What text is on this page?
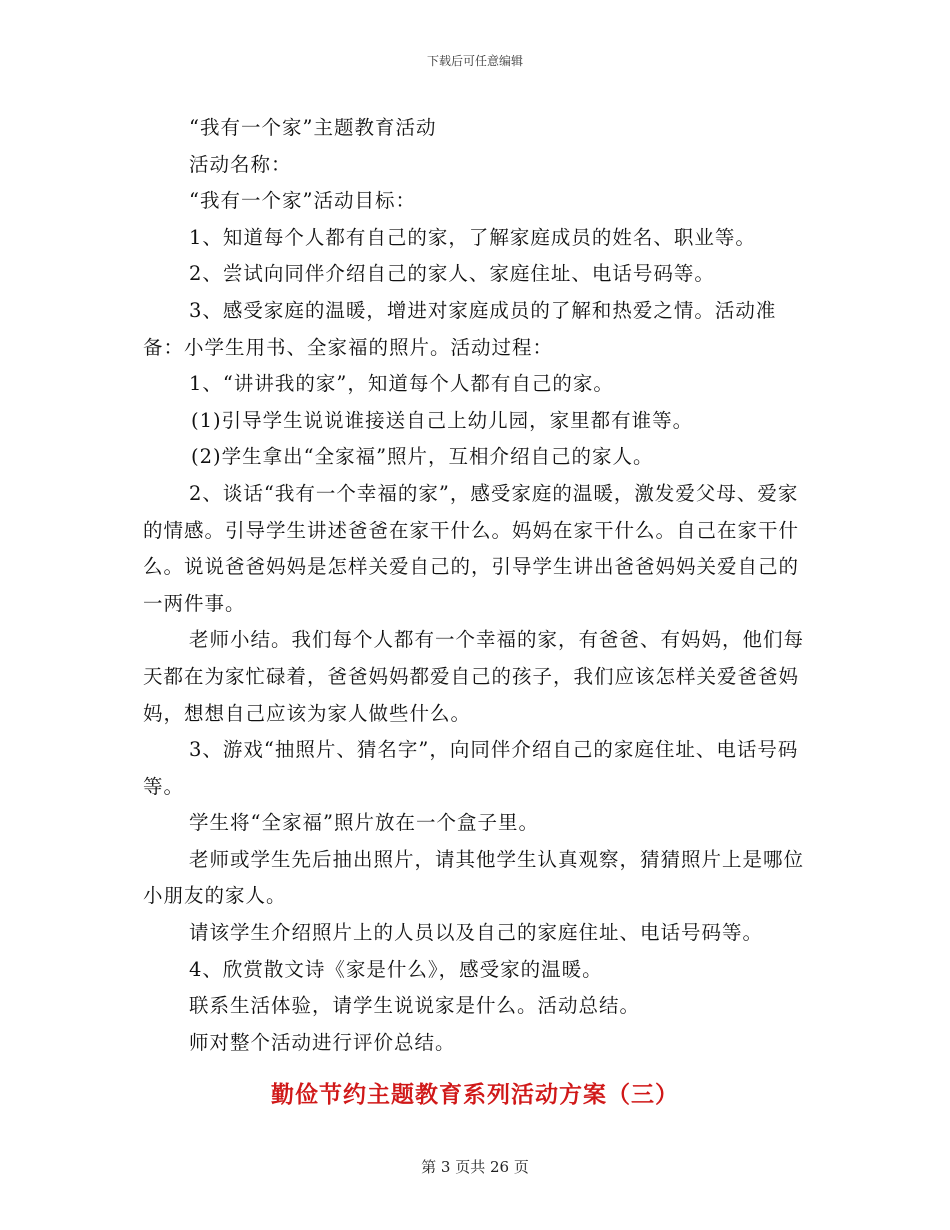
下载后可任意编辑

“我有一个家”主题教育活动

活动名称：

“我有一个家”活动目标：

1、知道每个人都有自己的家，了解家庭成员的姓名、职业等。

2、尝试向同伴介绍自己的家人、家庭住址、电话号码等。

3、感受家庭的温暖，增进对家庭成员的了解和热爱之情。活动准备：小学生用书、全家福的照片。活动过程：

1、“讲讲我的家”，知道每个人都有自己的家。

(1)引导学生说说谁接送自己上幼儿园，家里都有谁等。

(2)学生拿出“全家福”照片，互相介绍自己的家人。

2、谈话“我有一个幸福的家”，感受家庭的温暖，激发爱父母、爱家的情感。引导学生讲述爸爸在家干什么。妈妈在家干什么。自己在家干什么。说说爸爸妈妈是怎样关爱自己的，引导学生讲出爸爸妈妈关爱自己的一两件事。

老师小结。我们每个人都有一个幸福的家，有爸爸、有妈妈，他们每天都在为家忙碌着，爸爸妈妈都爱自己的孩子，我们应该怎样关爱爸爸妈妈，想想自己应该为家人做些什么。

3、游戏“抽照片、猜名字”，向同伴介绍自己的家庭住址、电话号码等。

学生将“全家福”照片放在一个盒子里。

老师或学生先后抽出照片，请其他学生认真观察，猜猜照片上是哪位小朋友的家人。

请该学生介绍照片上的人员以及自己的家庭住址、电话号码等。

4、欣赏散文诗《家是什么》，感受家的温暖。

联系生活体验，请学生说说家是什么。活动总结。

师对整个活动进行评价总结。

勤俭节约主题教育系列活动方案（三）
第 3 页共 26 页
